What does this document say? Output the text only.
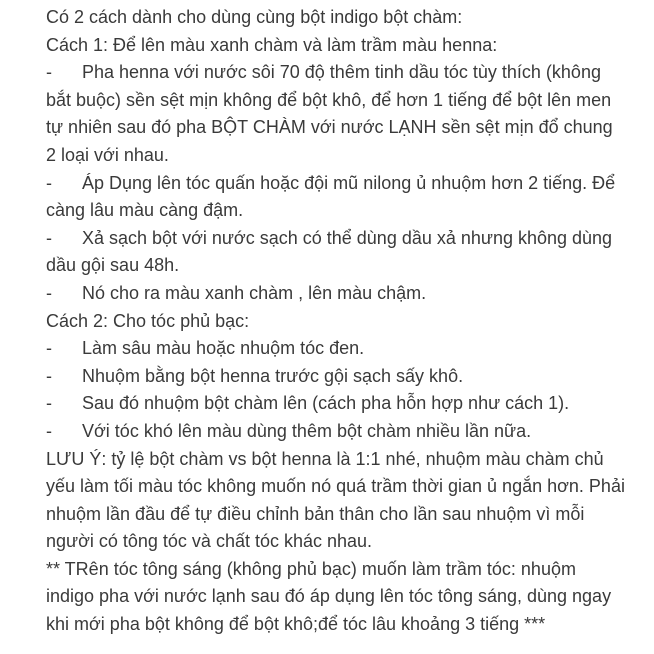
Có 2 cách dành cho dùng cùng bột indigo bột chàm:

Cách 1: Để lên màu xanh chàm và làm trầm màu henna:

- Pha henna với nước sôi 70 độ thêm tinh dầu tóc tùy thích (không bắt buộc) sền sệt mịn không để bột khô, để hơn 1 tiếng để bột lên men tự nhiên sau đó pha BỘT CHÀM với nước LẠNH sền sệt mịn đổ chung 2 loại với nhau.
- Áp Dụng lên tóc quấn hoặc đội mũ nilong ủ nhuộm hơn 2 tiếng. Để càng lâu màu càng đậm.
- Xả sạch bột với nước sạch có thể dùng dầu xả nhưng không dùng dầu gội sau 48h.
- Nó cho ra màu xanh chàm , lên màu chậm.

Cách 2: Cho tóc phủ bạc:

- Làm sâu màu hoặc nhuộm tóc đen.
- Nhuộm bằng bột henna trước gội sạch sấy khô.
- Sau đó nhuộm bột chàm lên (cách pha hỗn hợp như cách 1).
- Với tóc khó lên màu dùng thêm bột chàm nhiều lần nữa.

LƯU Ý: tỷ lệ bột chàm vs bột henna là 1:1 nhé, nhuộm màu chàm chủ yếu làm tối màu tóc không muốn nó quá trầm thời gian ủ ngắn hơn. Phải nhuộm lần đầu để tự điều chỉnh bản thân cho lần sau nhuộm vì mỗi người có tông tóc và chất tóc khác nhau.

** TRên tóc tông sáng (không phủ bạc) muốn làm trầm tóc: nhuộm indigo pha với nước lạnh sau đó áp dụng lên tóc tông sáng, dùng ngay khi mới pha bột không để bột khô;để tóc lâu khoảng 3 tiếng ***
